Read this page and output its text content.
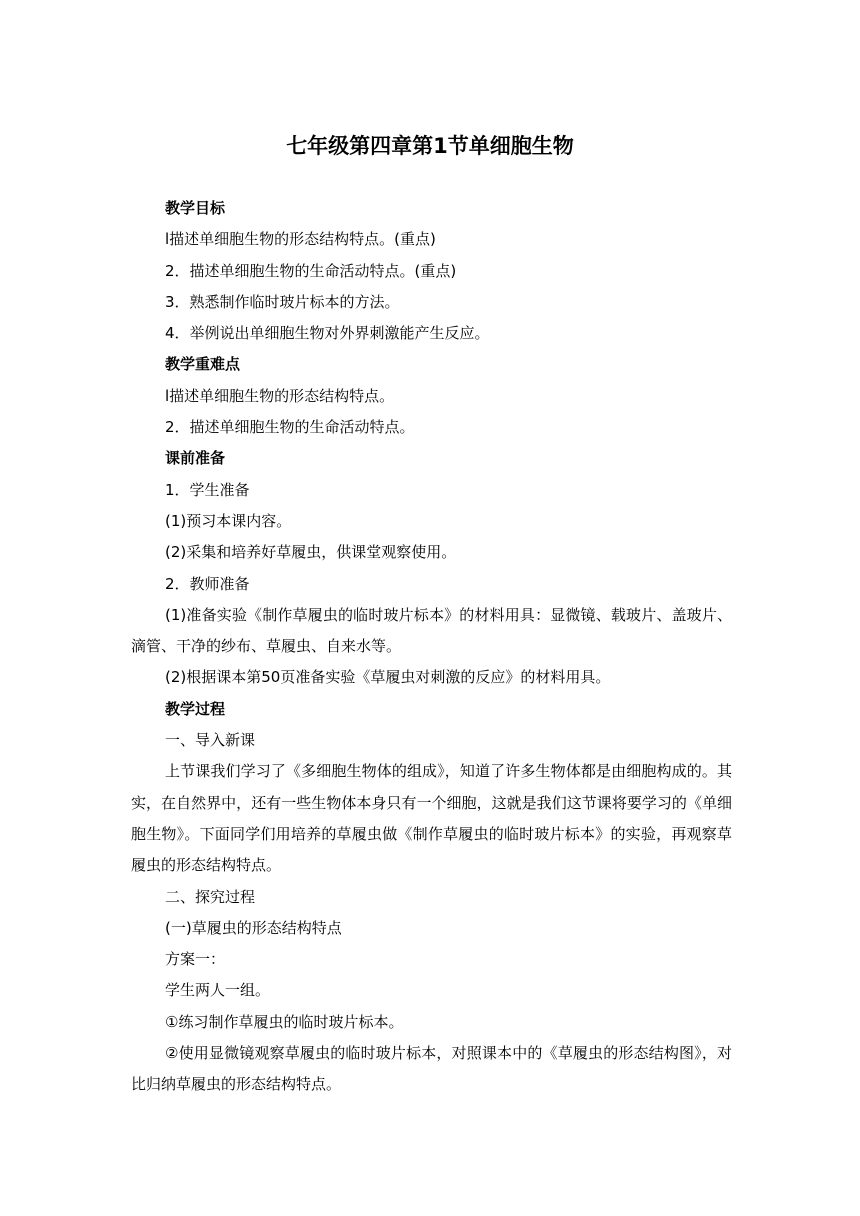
七年级第四章第1节单细胞生物

教学目标

l描述单细胞生物的形态结构特点。(重点)

2．描述单细胞生物的生命活动特点。(重点)

3．熟悉制作临时玻片标本的方法。

4．举例说出单细胞生物对外界刺激能产生反应。

教学重难点

l描述单细胞生物的形态结构特点。

2．描述单细胞生物的生命活动特点。

课前准备

1．学生准备

(1)预习本课内容。

(2)采集和培养好草履虫，供课堂观察使用。

2．教师准备

(1)准备实验《制作草履虫的临时玻片标本》的材料用具：显微镜、载玻片、盖玻片、滴管、干净的纱布、草履虫、自来水等。

(2)根据课本第50页准备实验《草履虫对刺激的反应》的材料用具。

教学过程

一、导入新课

上节课我们学习了《多细胞生物体的组成》，知道了许多生物体都是由细胞构成的。其实，在自然界中，还有一些生物体本身只有一个细胞，这就是我们这节课将要学习的《单细胞生物》。下面同学们用培养的草履虫做《制作草履虫的临时玻片标本》的实验，再观察草履虫的形态结构特点。

二、探究过程

(一)草履虫的形态结构特点

方案一：

学生两人一组。

①练习制作草履虫的临时玻片标本。

②使用显微镜观察草履虫的临时玻片标本，对照课本中的《草履虫的形态结构图》，对比归纳草履虫的形态结构特点。
